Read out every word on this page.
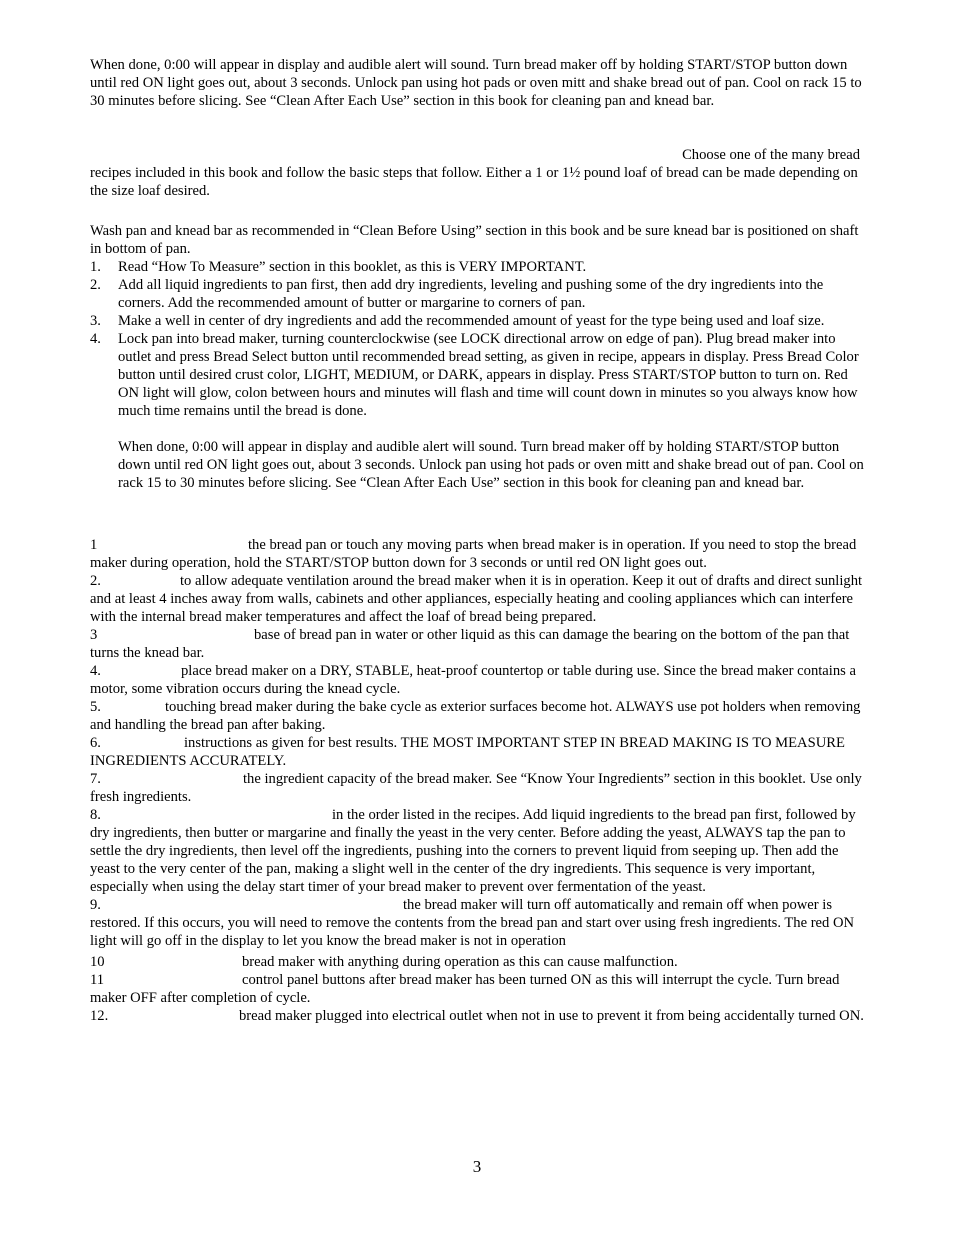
When done, 0:00 will appear in display and audible alert will sound. Turn bread maker off by holding START/STOP button down until red ON light goes out, about 3 seconds. Unlock pan using hot pads or oven mitt and shake bread out of pan. Cool on rack 15 to 30 minutes before slicing. See “Clean After Each Use” section in this book for cleaning pan and knead bar.

Choose one of the many bread

recipes included in this book and follow the basic steps that follow. Either a 1 or 1½ pound loaf of bread can be made depending on the size loaf desired.

Wash pan and knead bar as recommended in “Clean Before Using” section in this book and be sure knead bar is positioned on shaft in bottom of pan.

1. Read “How To Measure” section in this booklet, as this is VERY IMPORTANT.
2. Add all liquid ingredients to pan first, then add dry ingredients, leveling and pushing some of the dry ingredients into the corners. Add the recommended amount of butter or margarine to corners of pan.
3. Make a well in center of dry ingredients and add the recommended amount of yeast for the type being used and loaf size.
4. Lock pan into bread maker, turning counterclockwise (see LOCK directional arrow on edge of pan). Plug bread maker into outlet and press Bread Select button until recommended bread setting, as given in recipe, appears in display. Press Bread Color button until desired crust color, LIGHT, MEDIUM, or DARK, appears in display. Press START/STOP button to turn on. Red ON light will glow, colon between hours and minutes will flash and time will count down in minutes so you always know how much time remains until the bread is done.

When done, 0:00 will appear in display and audible alert will sound. Turn bread maker off by holding START/STOP button down until red ON light goes out, about 3 seconds. Unlock pan using hot pads or oven mitt and shake bread out of pan. Cool on rack 15 to 30 minutes before slicing. See “Clean After Each Use” section in this book for cleaning pan and knead bar.

1	the bread pan or touch any moving parts when bread maker is in operation. If you need to stop the bread maker during operation, hold the START/STOP button down for 3 seconds or until red ON light goes out.

2.	to allow adequate ventilation around the bread maker when it is in operation. Keep it out of drafts and direct sunlight and at least 4 inches away from walls, cabinets and other appliances, especially heating and cooling appliances which can interfere with the internal bread maker temperatures and affect the loaf of bread being prepared.

3	base of bread pan in water or other liquid as this can damage the bearing on the bottom of the pan that turns the knead bar.

4.	place bread maker on a DRY, STABLE, heat-proof countertop or table during use. Since the bread maker contains a motor, some vibration occurs during the knead cycle.

5.	touching bread maker during the bake cycle as exterior surfaces become hot. ALWAYS use pot holders when removing and handling the bread pan after baking.

6.	instructions as given for best results. THE MOST IMPORTANT STEP IN BREAD MAKING IS TO MEASURE INGREDIENTS ACCURATELY.

7.	the ingredient capacity of the bread maker. See “Know Your Ingredients” section in this booklet. Use only fresh ingredients.

8.	in the order listed in the recipes. Add liquid ingredients to the bread pan first, followed by dry ingredients, then butter or margarine and finally the yeast in the very center. Before adding the yeast, ALWAYS tap the pan to settle the dry ingredients, then level off the ingredients, pushing into the corners to prevent liquid from seeping up. Then add the yeast to the very center of the pan, making a slight well in the center of the dry ingredients. This sequence is very important, especially when using the delay start timer of your bread maker to prevent over fermentation of the yeast.

9.	the bread maker will turn off automatically and remain off when power is restored. If this occurs, you will need to remove the contents from the bread pan and start over using fresh ingredients. The red ON light will go off in the display to let you know the bread maker is not in operation

10	bread maker with anything during operation as this can cause malfunction.

11	control panel buttons after bread maker has been turned ON as this will interrupt the cycle. Turn bread maker OFF after completion of cycle.

12.	bread maker plugged into electrical outlet when not in use to prevent it from being accidentally turned ON.

3
